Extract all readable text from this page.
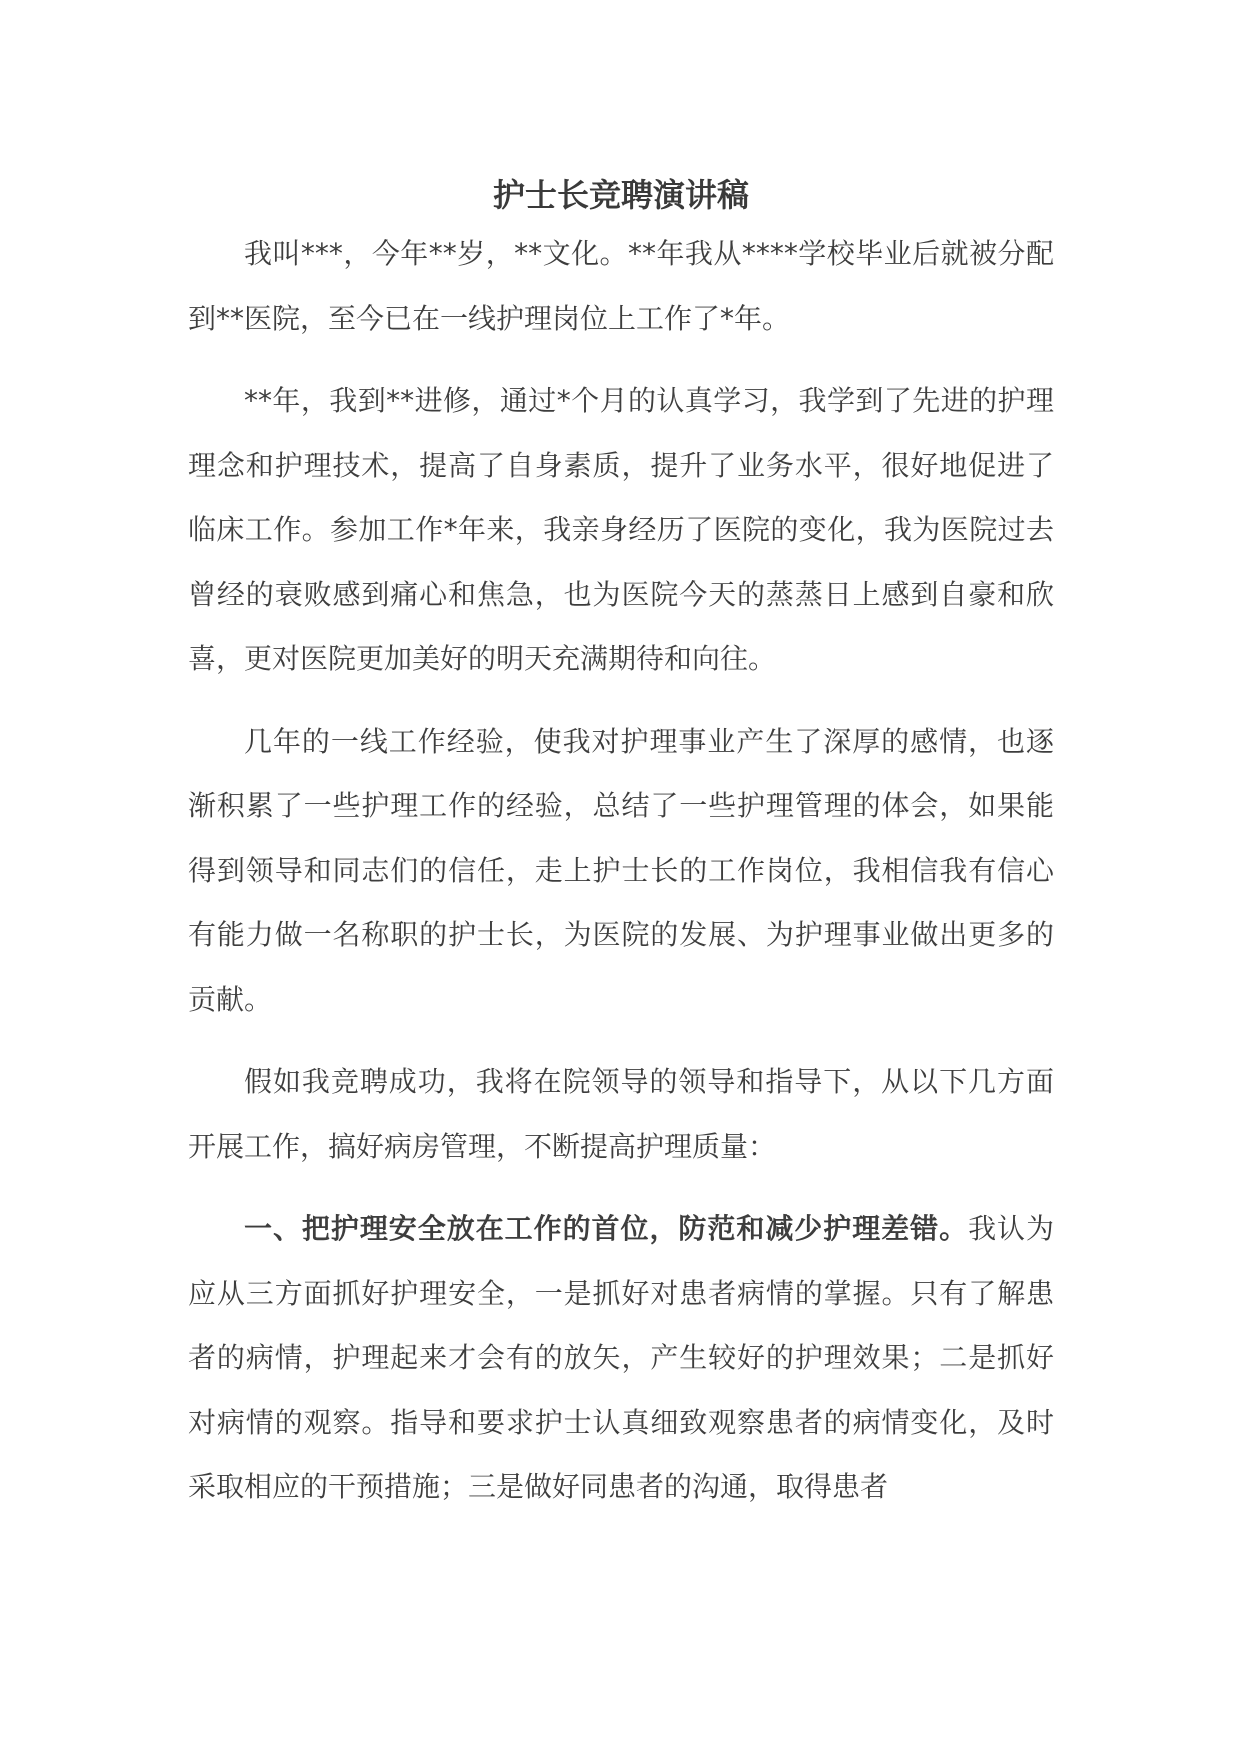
护士长竞聘演讲稿

我叫***，今年**岁，**文化。**年我从****学校毕业后就被分配到**医院，至今已在一线护理岗位上工作了*年。

**年，我到**进修，通过*个月的认真学习，我学到了先进的护理理念和护理技术，提高了自身素质，提升了业务水平，很好地促进了临床工作。参加工作*年来，我亲身经历了医院的变化，我为医院过去曾经的衰败感到痛心和焦急，也为医院今天的蒸蒸日上感到自豪和欣喜，更对医院更加美好的明天充满期待和向往。

几年的一线工作经验，使我对护理事业产生了深厚的感情，也逐渐积累了一些护理工作的经验，总结了一些护理管理的体会，如果能得到领导和同志们的信任，走上护士长的工作岗位，我相信我有信心有能力做一名称职的护士长，为医院的发展、为护理事业做出更多的贡献。

假如我竞聘成功，我将在院领导的领导和指导下，从以下几方面开展工作，搞好病房管理，不断提高护理质量：

一、把护理安全放在工作的首位，防范和减少护理差错。我认为应从三方面抓好护理安全，一是抓好对患者病情的掌握。只有了解患者的病情，护理起来才会有的放矢，产生较好的护理效果；二是抓好对病情的观察。指导和要求护士认真细致观察患者的病情变化，及时采取相应的干预措施；三是做好同患者的沟通，取得患者
